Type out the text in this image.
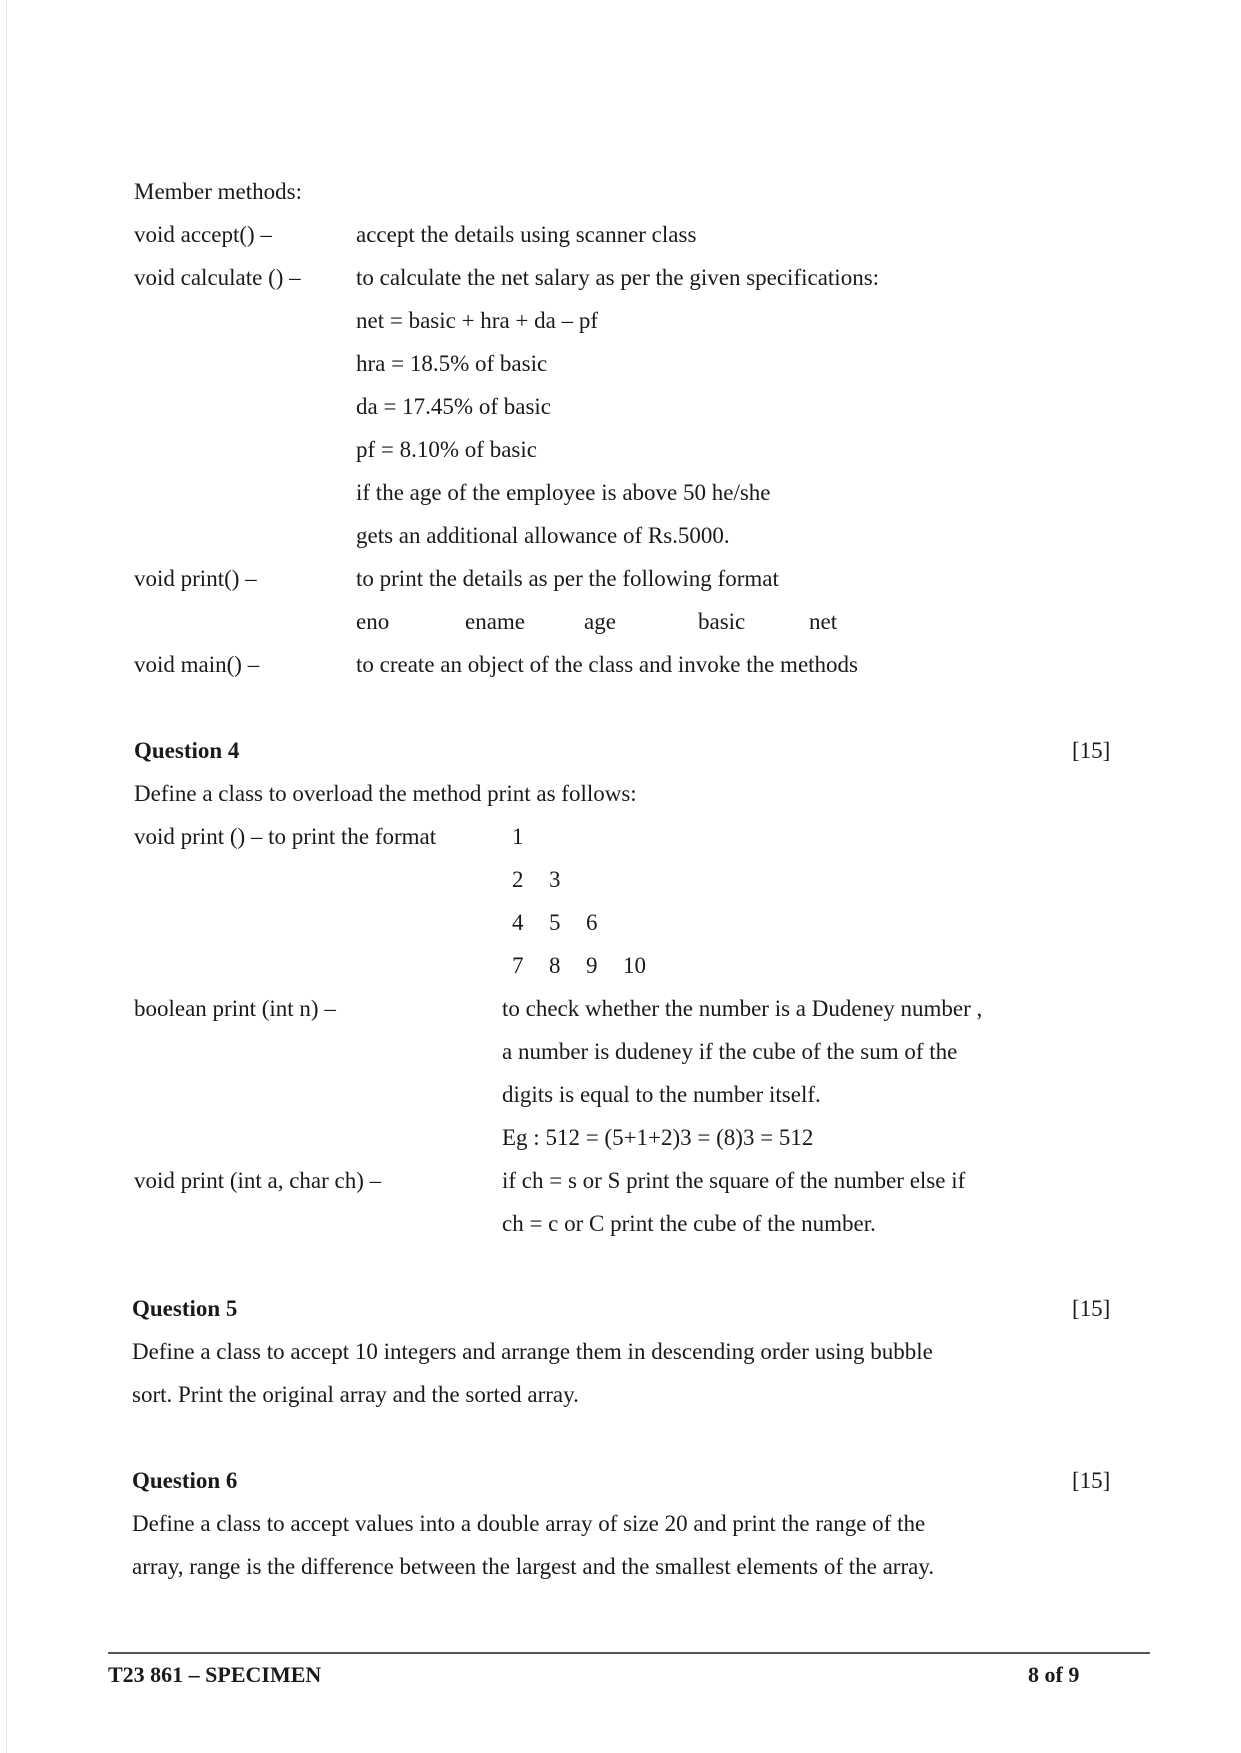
Member methods:
void accept() –	accept the details using scanner class
void calculate () – to calculate the net salary as per the given specifications:
net = basic + hra + da – pf
hra = 18.5% of basic
da = 17.45% of basic
pf = 8.10% of basic
if the age of the employee is above 50 he/she
gets an additional allowance of Rs.5000.
void print() –	to print the details as per the following format
eno	ename	age	basic	net
void main() –	to create an object of the class and invoke the methods
Question 4	[15]
Define a class to overload the method print as follows:
void print () – to print the format	1
2 3
4 5 6
7 8 9 10
boolean print (int n) –	to check whether the number is a Dudeney number ,
a number is dudeney if the cube of the sum of the
digits is equal to the number itself.
Eg : 512 = (5+1+2)3 = (8)3 = 512
void print (int a, char ch) –	if ch = s or S print the square of the number else if
ch = c or C print the cube of the number.
Question 5	[15]
Define a class to accept 10 integers and arrange them in descending order using bubble
sort. Print the original array and the sorted array.
Question 6	[15]
Define a class to accept values into a double array of size 20 and print the range of the
array, range is the difference between the largest and the smallest elements of the array.
T23 861 – SPECIMEN	8 of 9
